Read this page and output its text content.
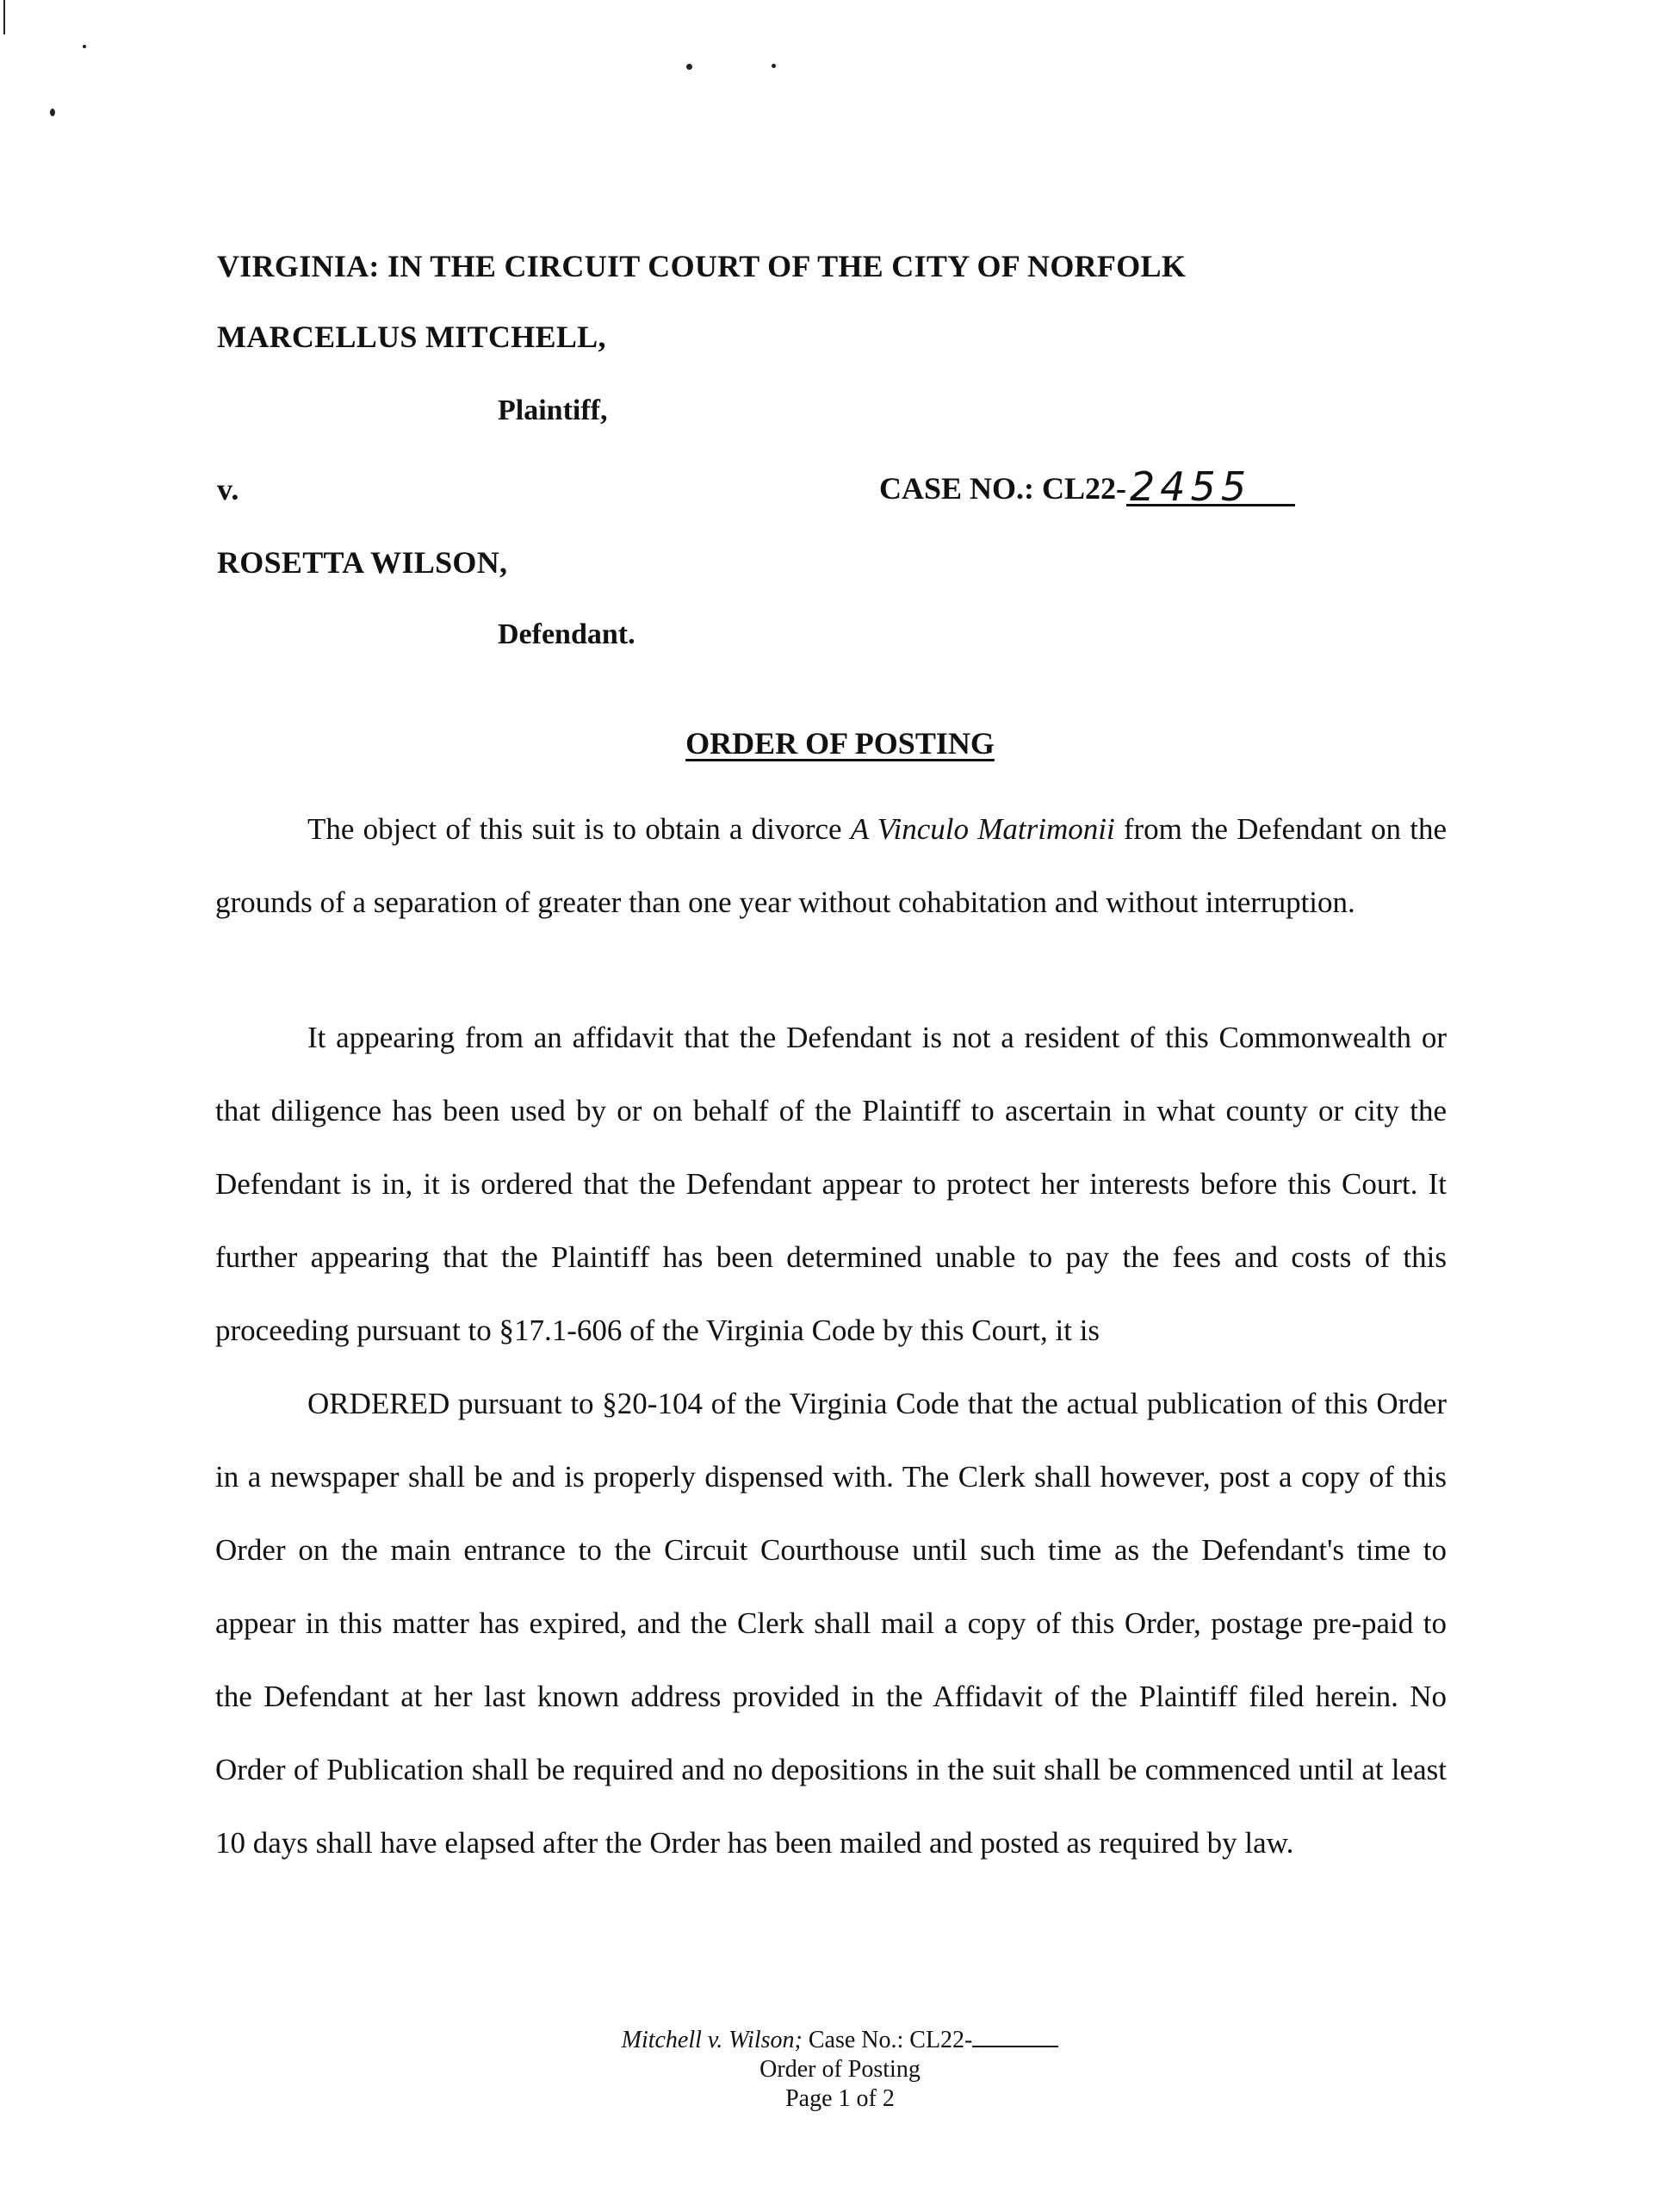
VIRGINIA: IN THE CIRCUIT COURT OF THE CITY OF NORFOLK
MARCELLUS MITCHELL,
Plaintiff,
v.	CASE NO.: CL22-2455
ROSETTA WILSON,
Defendant.
ORDER OF POSTING

The object of this suit is to obtain a divorce A Vinculo Matrimonii from the Defendant on the grounds of a separation of greater than one year without cohabitation and without interruption.

It appearing from an affidavit that the Defendant is not a resident of this Commonwealth or that diligence has been used by or on behalf of the Plaintiff to ascertain in what county or city the Defendant is in, it is ordered that the Defendant appear to protect her interests before this Court. It further appearing that the Plaintiff has been determined unable to pay the fees and costs of this proceeding pursuant to §17.1-606 of the Virginia Code by this Court, it is

ORDERED pursuant to §20-104 of the Virginia Code that the actual publication of this Order in a newspaper shall be and is properly dispensed with. The Clerk shall however, post a copy of this Order on the main entrance to the Circuit Courthouse until such time as the Defendant's time to appear in this matter has expired, and the Clerk shall mail a copy of this Order, postage pre-paid to the Defendant at her last known address provided in the Affidavit of the Plaintiff filed herein. No Order of Publication shall be required and no depositions in the suit shall be commenced until at least 10 days shall have elapsed after the Order has been mailed and posted as required by law.

Mitchell v. Wilson; Case No.: CL22-
Order of Posting
Page 1 of 2
